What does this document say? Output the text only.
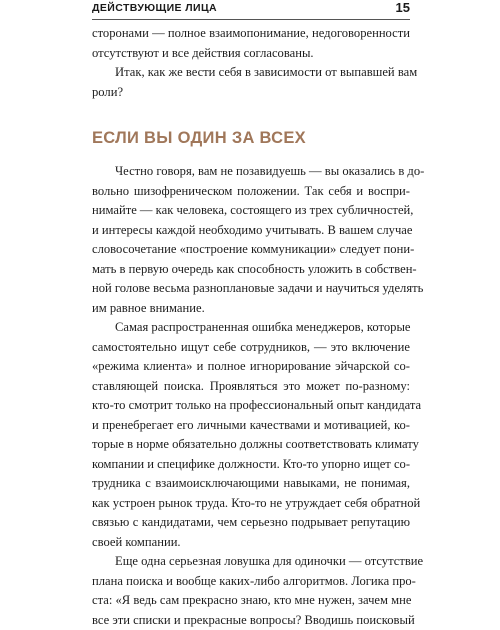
ДЕЙСТВУЮЩИЕ ЛИЦА	15

сторонами — полное взаимопонимание, недоговоренности
отсутствуют и все действия согласованы.

Итак, как же вести себя в зависимости от выпавшей вам
роли?

ЕСЛИ ВЫ ОДИН ЗА ВСЕХ

Честно говоря, вам не позавидуешь — вы оказались в до-
вольно шизофреническом положении. Так себя и воспри-
нимайте — как человека, состоящего из трех субличностей,
и интересы каждой необходимо учитывать. В вашем случае
словосочетание «построение коммуникации» следует пони-
мать в первую очередь как способность уложить в собствен-
ной голове весьма разноплановые задачи и научиться уделять
им равное внимание.

Самая распространенная ошибка менеджеров, которые
самостоятельно ищут себе сотрудников, — это включение
«режима клиента» и полное игнорирование эйчарской со-
ставляющей поиска. Проявляться это может по-разному:
кто-то смотрит только на профессиональный опыт кандидата
и пренебрегает его личными качествами и мотивацией, ко-
торые в норме обязательно должны соответствовать климату
компании и специфике должности. Кто-то упорно ищет со-
трудника с взаимоисключающими навыками, не понимая,
как устроен рынок труда. Кто-то не утруждает себя обратной
связью с кандидатами, чем серьезно подрывает репутацию
своей компании.

Еще одна серьезная ловушка для одиночки — отсутствие
плана поиска и вообще каких-либо алгоритмов. Логика про-
ста: «Я ведь сам прекрасно знаю, кто мне нужен, зачем мне
все эти списки и прекрасные вопросы? Вводишь поисковый
